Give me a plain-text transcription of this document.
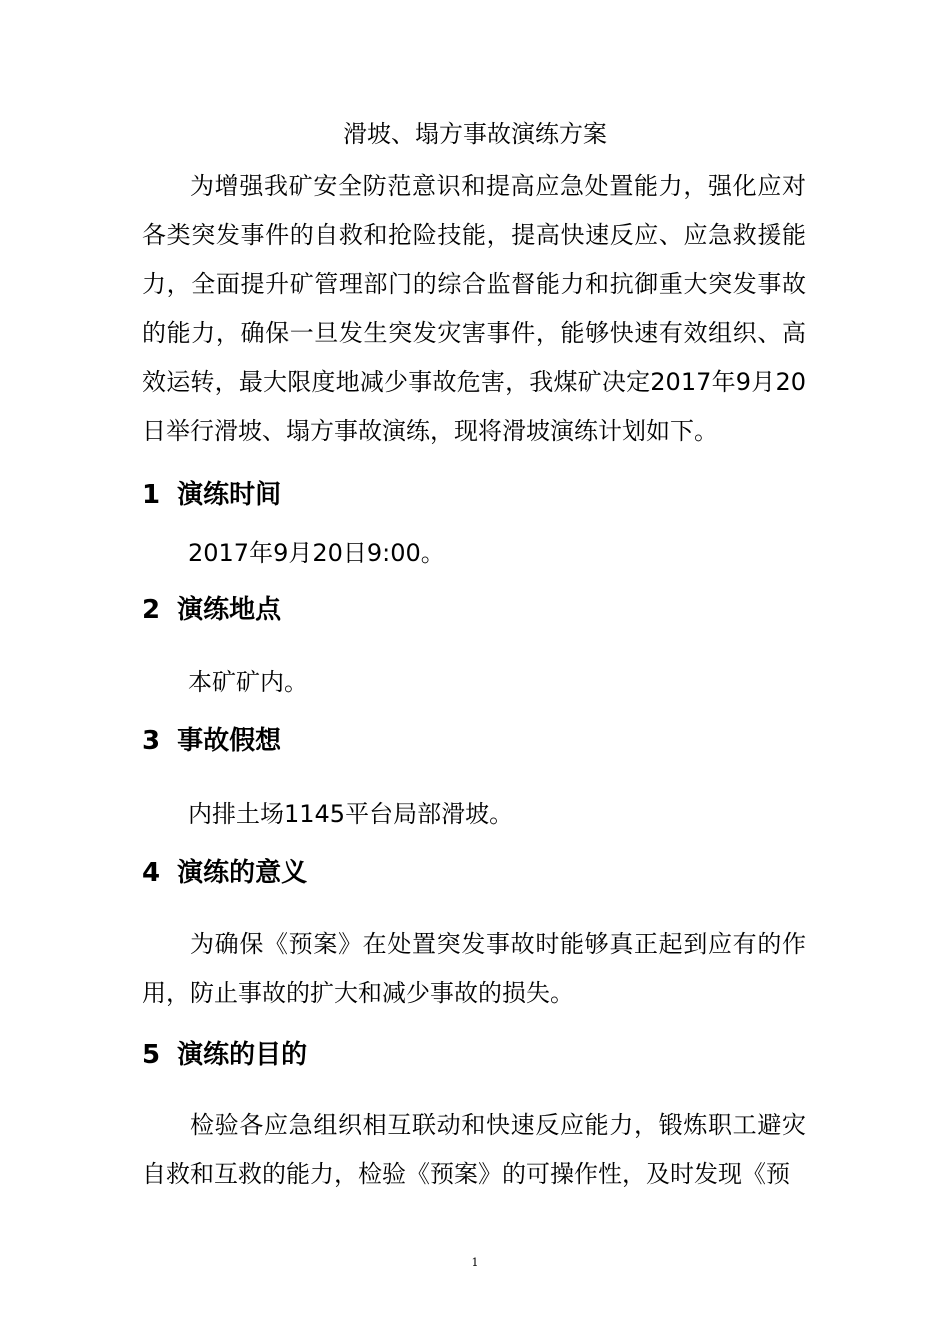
滑坡、塌方事故演练方案

为增强我矿安全防范意识和提高应急处置能力，强化应对各类突发事件的自救和抢险技能，提高快速反应、应急救援能力，全面提升矿管理部门的综合监督能力和抗御重大突发事故的能力，确保一旦发生突发灾害事件，能够快速有效组织、高效运转，最大限度地减少事故危害，我煤矿决定2017年9月20日举行滑坡、塌方事故演练，现将滑坡演练计划如下。

1 演练时间

2017年9月20日9:00。

2 演练地点

本矿矿内。

3 事故假想

内排土场1145平台局部滑坡。

4 演练的意义

为确保《预案》在处置突发事故时能够真正起到应有的作用，防止事故的扩大和减少事故的损失。

5 演练的目的

检验各应急组织相互联动和快速反应能力，锻炼职工避灾自救和互救的能力，检验《预案》的可操作性，及时发现《预

1
